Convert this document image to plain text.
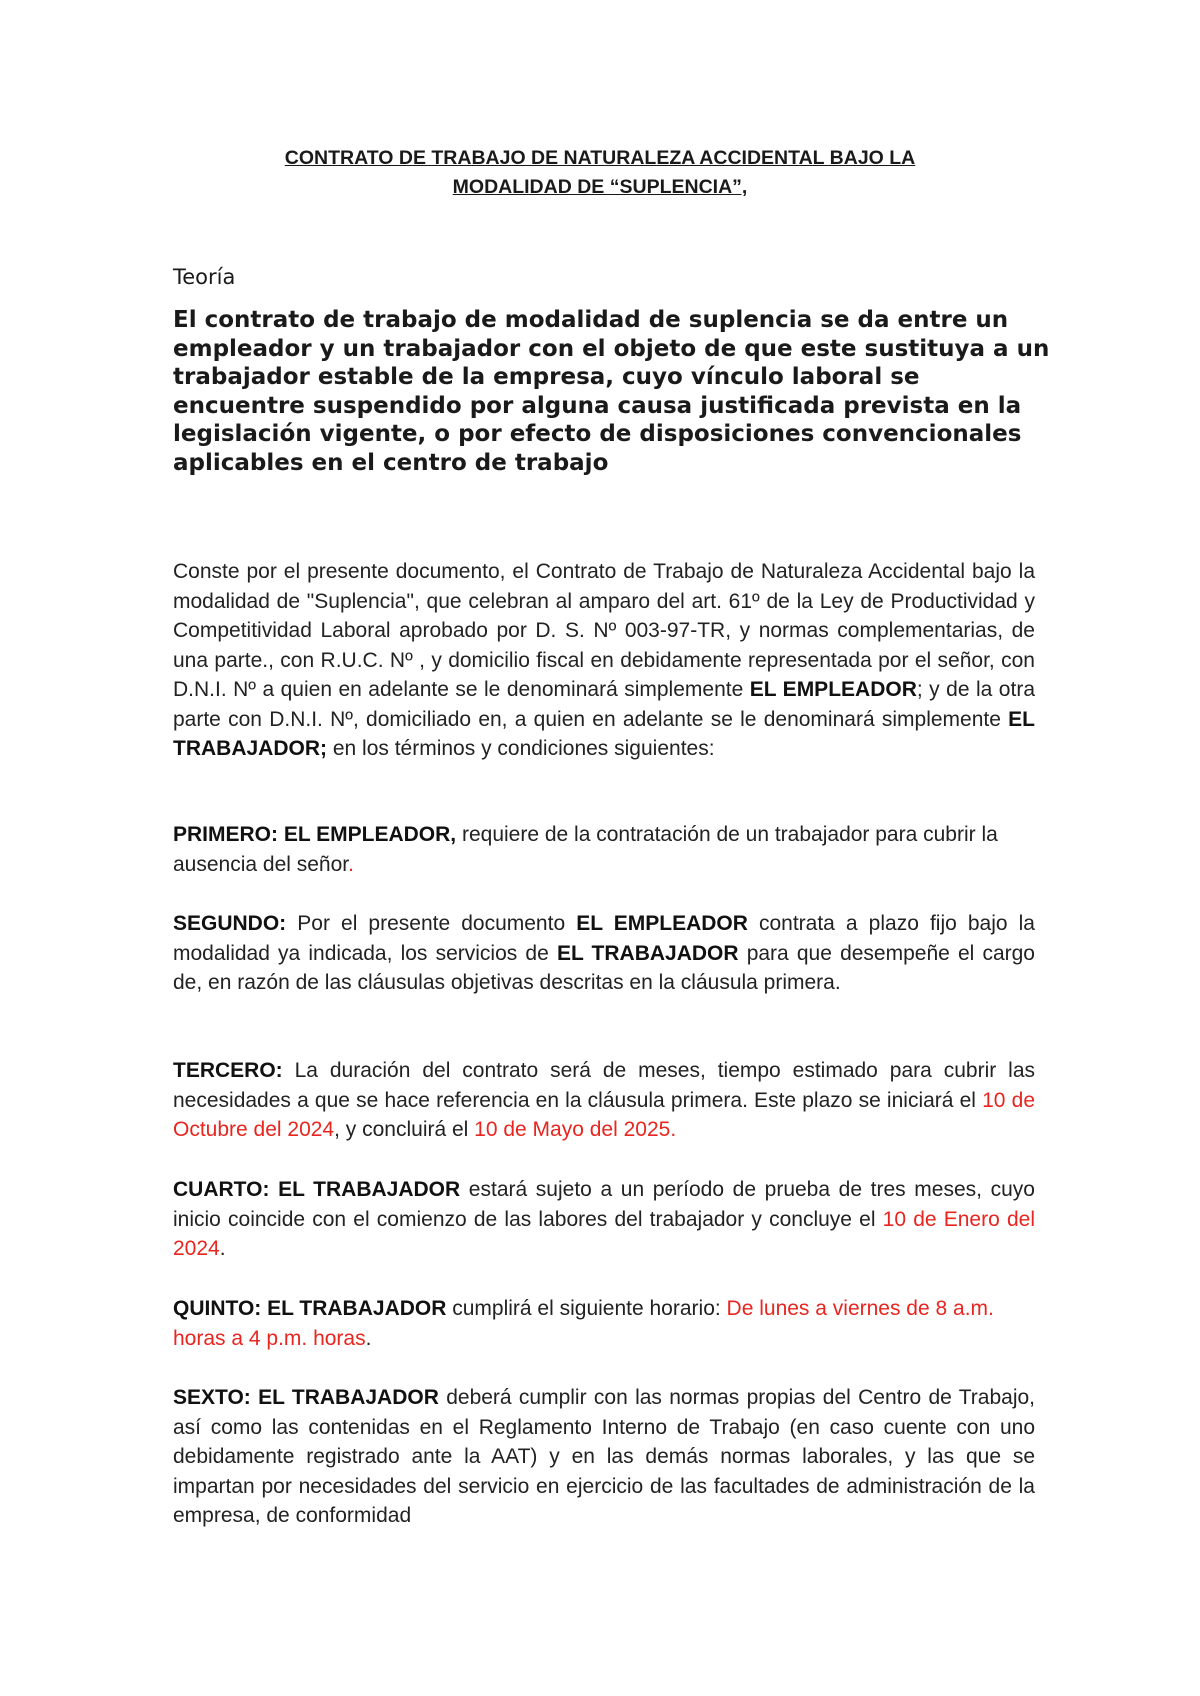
CONTRATO DE TRABAJO DE NATURALEZA ACCIDENTAL BAJO LA
MODALIDAD DE “SUPLENCIA”,

Teoría

El contrato de trabajo de modalidad de suplencia se da entre un empleador y un trabajador con el objeto de que este sustituya a un trabajador estable de la empresa, cuyo vínculo laboral se encuentre suspendido por alguna causa justificada prevista en la legislación vigente, o por efecto de disposiciones convencionales aplicables en el centro de trabajo

Conste por el presente documento, el Contrato de Trabajo de Naturaleza Accidental bajo la modalidad de "Suplencia", que celebran al amparo del art. 61º de la Ley de Productividad y Competitividad Laboral aprobado por D. S. Nº 003-97-TR, y normas complementarias, de una parte., con R.U.C. Nº , y domicilio fiscal en debidamente representada por el señor, con D.N.I. Nº a quien en adelante se le denominará simplemente EL EMPLEADOR; y de la otra parte con D.N.I. Nº, domiciliado en, a quien en adelante se le denominará simplemente EL TRABAJADOR; en los términos y condiciones siguientes:

PRIMERO: EL EMPLEADOR, requiere de la contratación de un trabajador para cubrir la ausencia del señor.

SEGUNDO: Por el presente documento EL EMPLEADOR contrata a plazo fijo bajo la modalidad ya indicada, los servicios de EL TRABAJADOR para que desempeñe el cargo de, en razón de las cláusulas objetivas descritas en la cláusula primera.

TERCERO: La duración del contrato será de meses, tiempo estimado para cubrir las necesidades a que se hace referencia en la cláusula primera. Este plazo se iniciará el 10 de Octubre del 2024, y concluirá el 10 de Mayo del 2025.

CUARTO: EL TRABAJADOR estará sujeto a un período de prueba de tres meses, cuyo inicio coincide con el comienzo de las labores del trabajador y concluye el 10 de Enero del 2024.

QUINTO: EL TRABAJADOR cumplirá el siguiente horario: De lunes a viernes de 8 a.m. horas a 4 p.m. horas.

SEXTO: EL TRABAJADOR deberá cumplir con las normas propias del Centro de Trabajo, así como las contenidas en el Reglamento Interno de Trabajo (en caso cuente con uno debidamente registrado ante la AAT) y en las demás normas laborales, y las que se impartan por necesidades del servicio en ejercicio de las facultades de administración de la empresa, de conformidad
